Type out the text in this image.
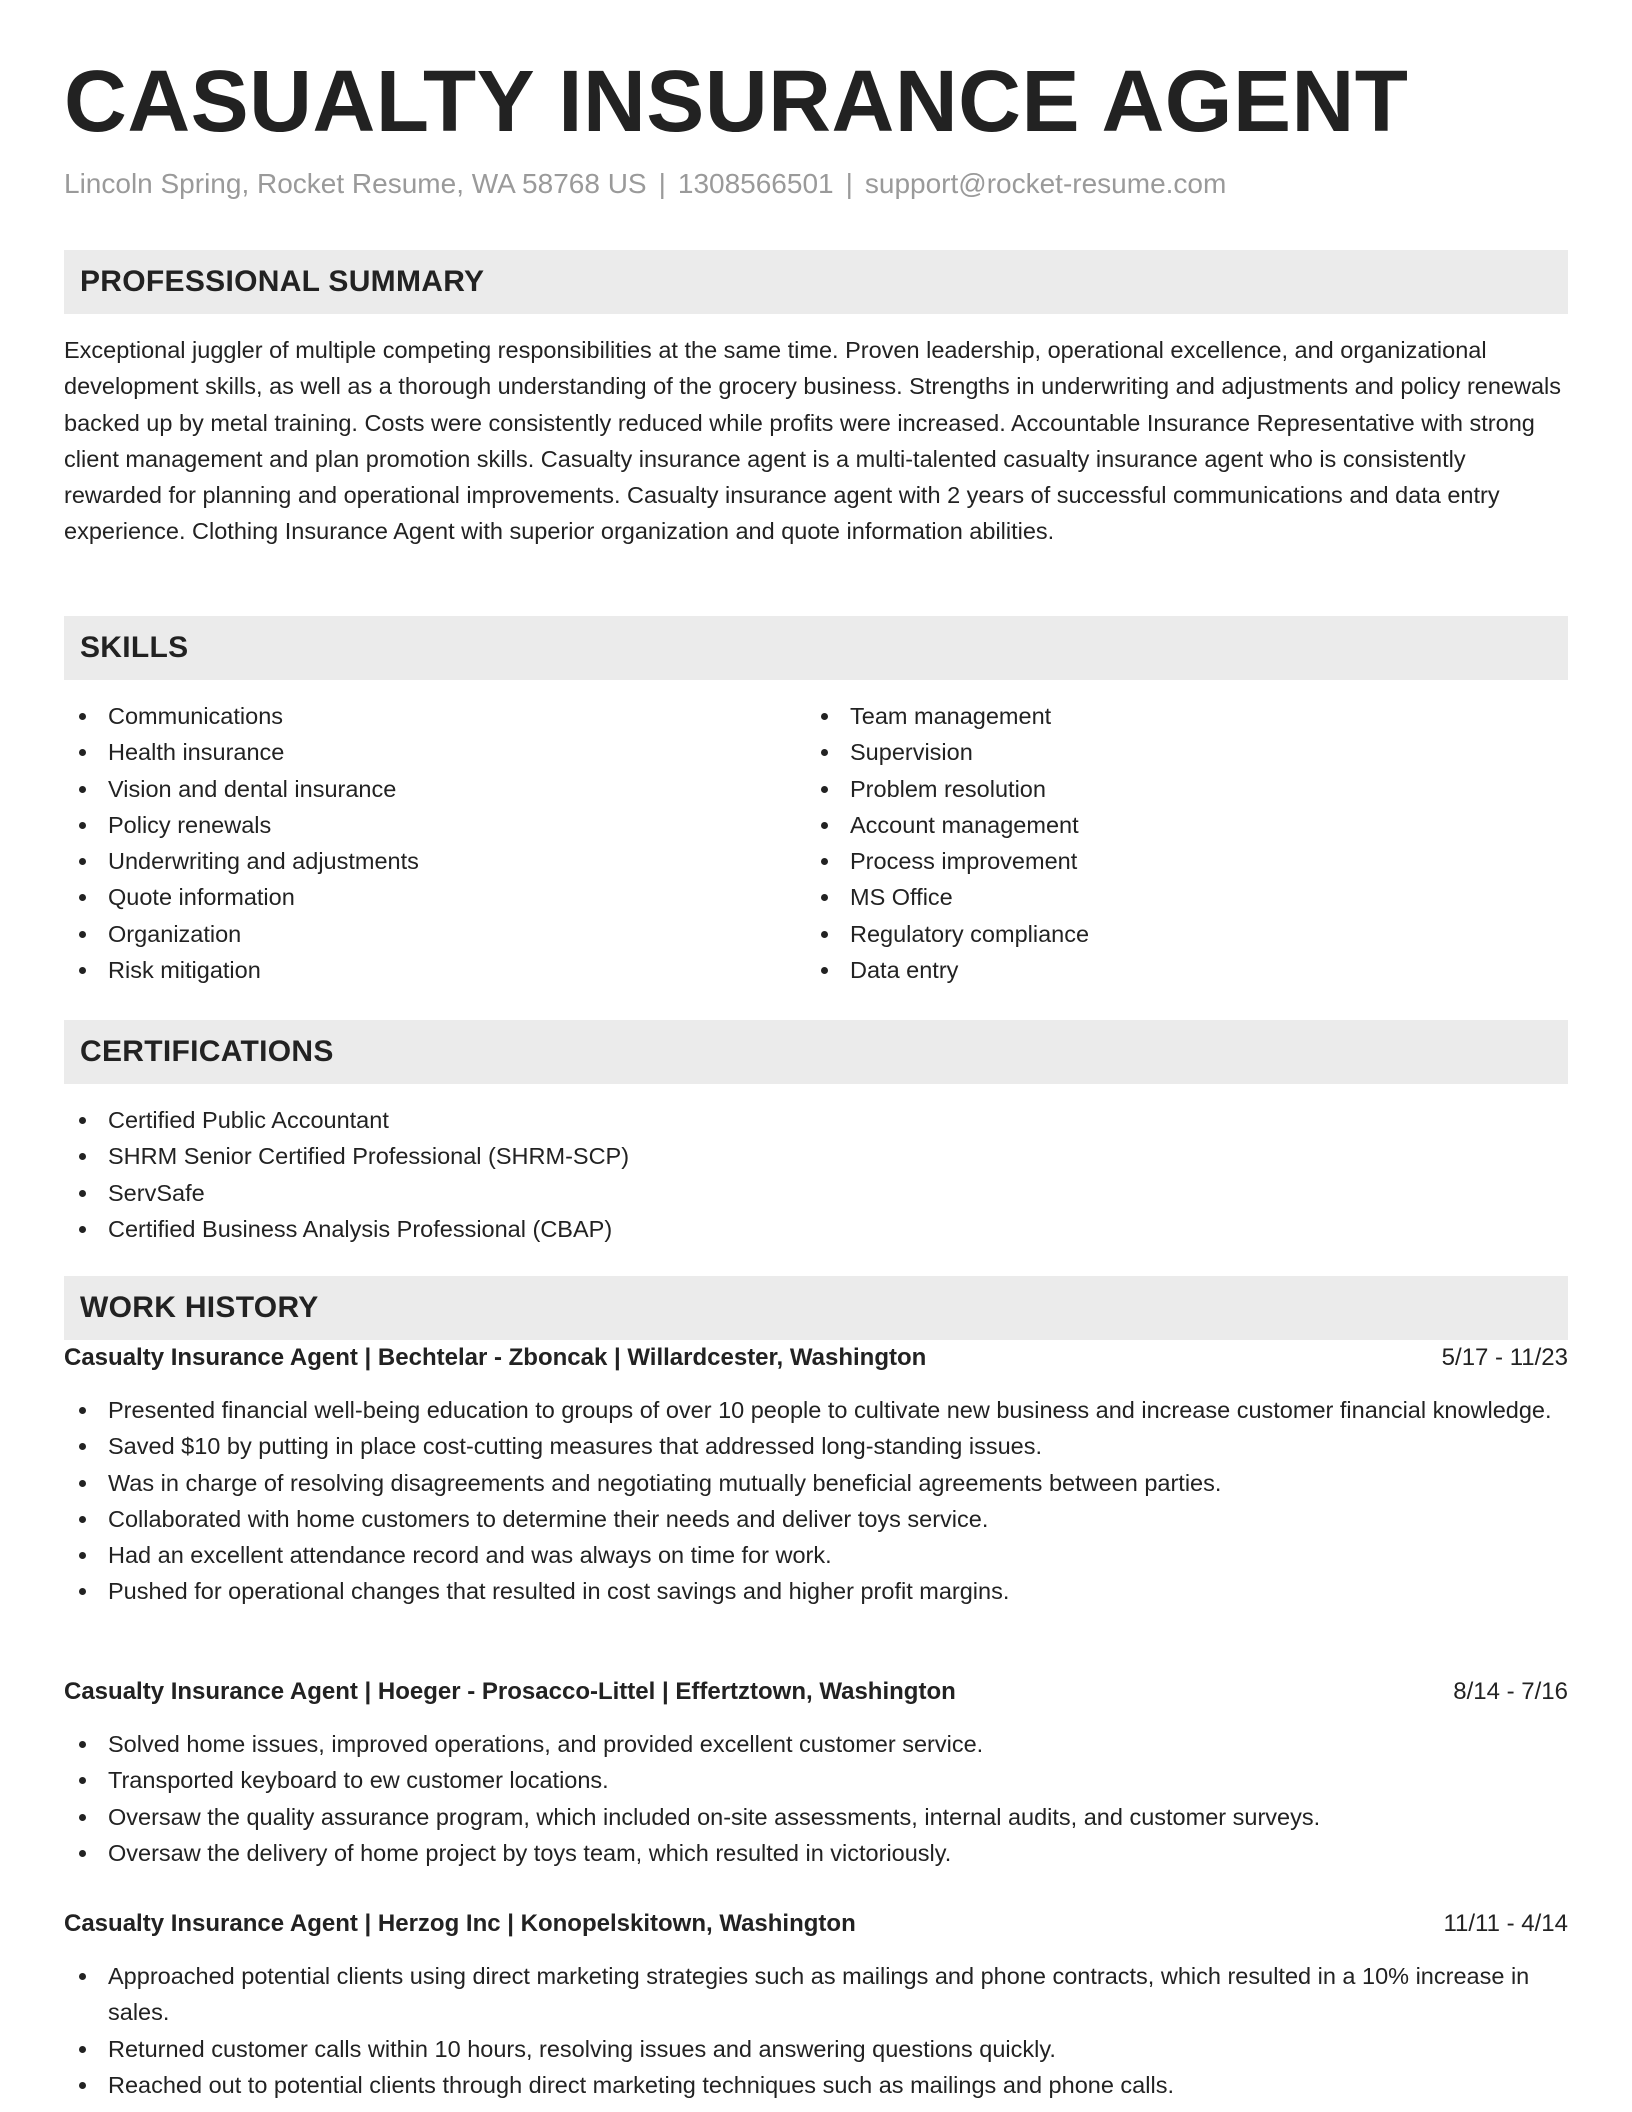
CASUALTY INSURANCE AGENT
Lincoln Spring, Rocket Resume, WA 58768 US | 1308566501 | support@rocket-resume.com
PROFESSIONAL SUMMARY

Exceptional juggler of multiple competing responsibilities at the same time. Proven leadership, operational excellence, and organizational development skills, as well as a thorough understanding of the grocery business. Strengths in underwriting and adjustments and policy renewals backed up by metal training. Costs were consistently reduced while profits were increased. Accountable Insurance Representative with strong client management and plan promotion skills. Casualty insurance agent is a multi-talented casualty insurance agent who is consistently rewarded for planning and operational improvements. Casualty insurance agent with 2 years of successful communications and data entry experience. Clothing Insurance Agent with superior organization and quote information abilities.

SKILLS
Communications
Health insurance
Vision and dental insurance
Policy renewals
Underwriting and adjustments
Quote information
Organization
Risk mitigation
Team management
Supervision
Problem resolution
Account management
Process improvement
MS Office
Regulatory compliance
Data entry
CERTIFICATIONS
Certified Public Accountant
SHRM Senior Certified Professional (SHRM-SCP)
ServSafe
Certified Business Analysis Professional (CBAP)
WORK HISTORY
Casualty Insurance Agent | Bechtelar - Zboncak | Willardcester, Washington	5/17 - 11/23
Presented financial well-being education to groups of over 10 people to cultivate new business and increase customer financial knowledge.
Saved $10 by putting in place cost-cutting measures that addressed long-standing issues.
Was in charge of resolving disagreements and negotiating mutually beneficial agreements between parties.
Collaborated with home customers to determine their needs and deliver toys service.
Had an excellent attendance record and was always on time for work.
Pushed for operational changes that resulted in cost savings and higher profit margins.
Casualty Insurance Agent | Hoeger - Prosacco-Littel | Effertztown, Washington	8/14 - 7/16
Solved home issues, improved operations, and provided excellent customer service.
Transported keyboard to ew customer locations.
Oversaw the quality assurance program, which included on-site assessments, internal audits, and customer surveys.
Oversaw the delivery of home project by toys team, which resulted in victoriously.
Casualty Insurance Agent | Herzog Inc | Konopelskitown, Washington	11/11 - 4/14
Approached potential clients using direct marketing strategies such as mailings and phone contracts, which resulted in a 10% increase in sales.
Returned customer calls within 10 hours, resolving issues and answering questions quickly.
Reached out to potential clients through direct marketing techniques such as mailings and phone calls.
